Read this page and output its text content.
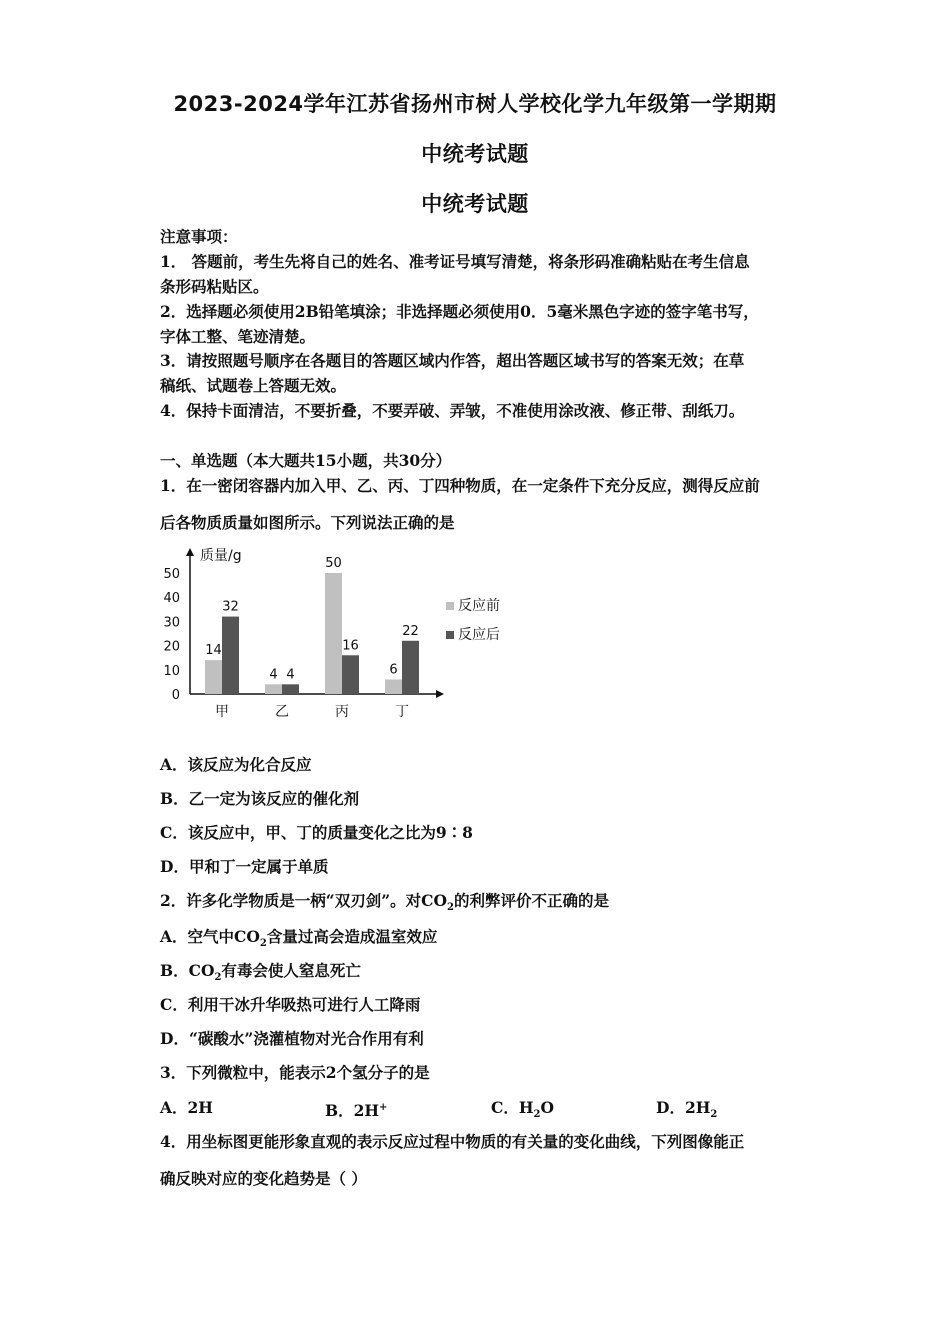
2023-2024学年江苏省扬州市树人学校化学九年级第一学期期
中统考试题
中统考试题
注意事项：
1． 答题前，考生先将自己的姓名、准考证号填写清楚，将条形码准确粘贴在考生信息
条形码粘贴区。
2．选择题必须使用2B铅笔填涂；非选择题必须使用0．5毫米黑色字迹的签字笔书写，
字体工整、笔迹清楚。
3．请按照题号顺序在各题目的答题区域内作答，超出答题区域书写的答案无效；在草
稿纸、试题卷上答题无效。
4．保持卡面清洁，不要折叠，不要弄破、弄皱，不准使用涂改液、修正带、刮纸刀。
一、单选题（本大题共15小题，共30分）
1．在一密闭容器内加入甲、乙、丙、丁四种物质，在一定条件下充分反应，测得反应前
后各物质质量如图所示。下列说法正确的是
质量/g
0
10
20
30
40
50
14
32
甲
4 4
乙
50
16
丙
6
22
丁
反应前
反应后
A．该反应为化合反应
B．乙一定为该反应的催化剂
C．该反应中，甲、丁的质量变化之比为9∶8
D．甲和丁一定属于单质
2．许多化学物质是一柄“双刃剑”。对$CO_2$的利弊评价不正确的是
A．空气中$CO_2$含量过高会造成温室效应
B．$CO_2$有毒会使人窒息死亡
C．利用干冰升华吸热可进行人工降雨
D．“碳酸水”浇灌植物对光合作用有利
3．下列微粒中，能表示2个氢分子的是
A．2H	B．2H+	C．$H_2O$	D．$2H_2$
4．用坐标图更能形象直观的表示反应过程中物质的有关量的变化曲线，下列图像能正
确反映对应的变化趋势是（ ）
